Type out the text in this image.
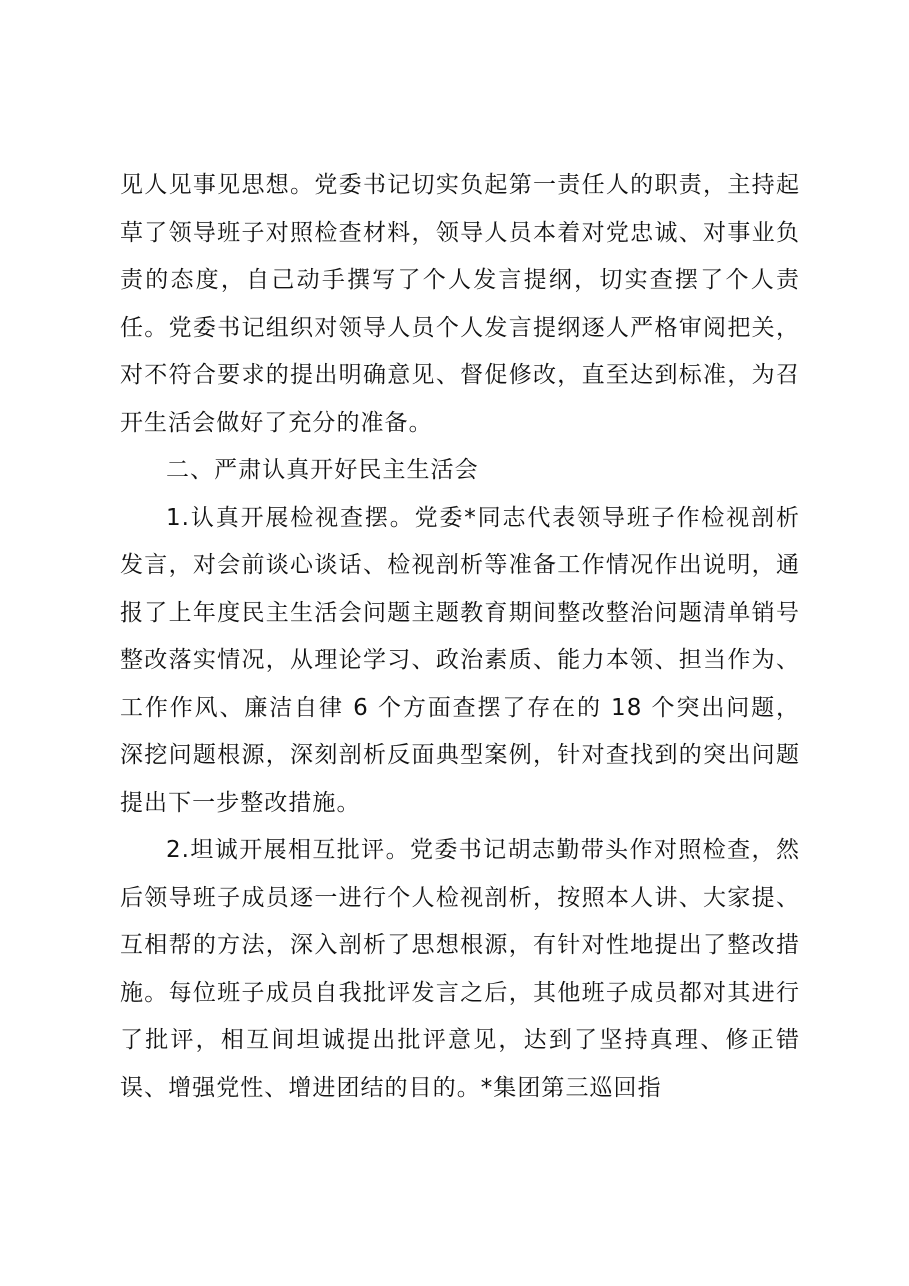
见人见事见思想。党委书记切实负起第一责任人的职责，主持起草了领导班子对照检查材料，领导人员本着对党忠诚、对事业负责的态度，自己动手撰写了个人发言提纲，切实查摆了个人责任。党委书记组织对领导人员个人发言提纲逐人严格审阅把关，对不符合要求的提出明确意见、督促修改，直至达到标准，为召开生活会做好了充分的准备。

二、严肃认真开好民主生活会

1.认真开展检视查摆。党委*同志代表领导班子作检视剖析发言，对会前谈心谈话、检视剖析等准备工作情况作出说明，通报了上年度民主生活会问题主题教育期间整改整治问题清单销号整改落实情况，从理论学习、政治素质、能力本领、担当作为、工作作风、廉洁自律 6 个方面查摆了存在的 18 个突出问题，深挖问题根源，深刻剖析反面典型案例，针对查找到的突出问题提出下一步整改措施。

2.坦诚开展相互批评。党委书记胡志勤带头作对照检查，然后领导班子成员逐一进行个人检视剖析，按照本人讲、大家提、互相帮的方法，深入剖析了思想根源，有针对性地提出了整改措施。每位班子成员自我批评发言之后，其他班子成员都对其进行了批评，相互间坦诚提出批评意见，达到了坚持真理、修正错误、增强党性、增进团结的目的。*集团第三巡回指
